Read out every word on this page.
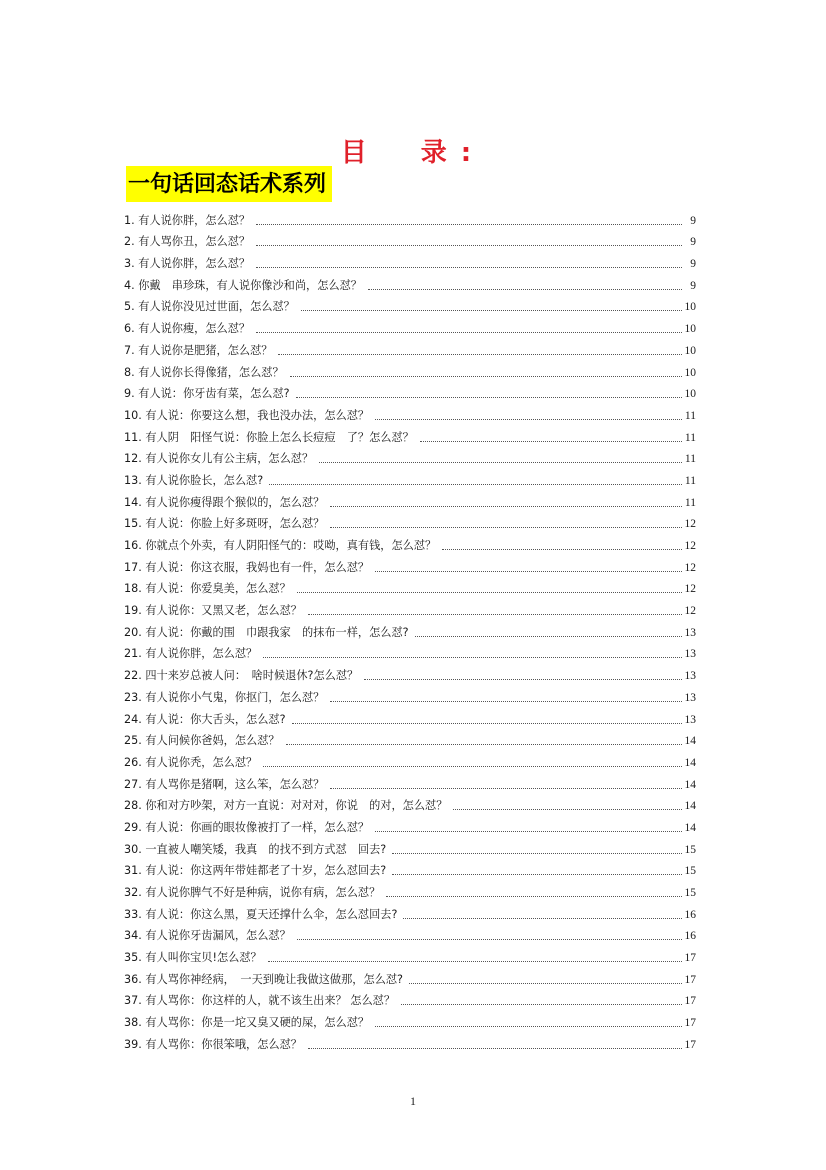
目　录:
一句话回态话术系列
1. 有人说你胖，怎么怼？	9
2. 有人骂你丑，怎么怼？	9
3. 有人说你胖，怎么怼？	9
4. 你戴　串珍珠，有人说你像沙和尚，怎么怼？	9
5. 有人说你没见过世面，怎么怼？	10
6. 有人说你瘦，怎么怼？	10
7. 有人说你是肥猪，怎么怼？	10
8. 有人说你长得像猪，怎么怼？	10
9. 有人说：你牙齿有菜，怎么怼?	10
10. 有人说：你要这么想，我也没办法，怎么怼？	11
11. 有人阴　阳怪气说：你脸上怎么长痘痘　了？怎么怼？	11
12. 有人说你女儿有公主病，怎么怼？	11
13. 有人说你脸长，怎么怼?	11
14. 有人说你瘦得跟个猴似的，怎么怼？	11
15. 有人说：你脸上好多斑呀，怎么怼？	12
16. 你就点个外卖，有人阴阳怪气的：哎呦，真有钱，怎么怼？	12
17. 有人说：你这衣服，我妈也有一件，怎么怼？	12
18. 有人说：你爱臭美，怎么怼？	12
19. 有人说你：又黑又老，怎么怼？	12
20. 有人说：你戴的围　巾跟我家　的抹布一样，怎么怼?	13
21. 有人说你胖，怎么怼？	13
22. 四十来岁总被人问：　啥时候退休?怎么怼？	13
23. 有人说你小气鬼，你抠门，怎么怼？	13
24. 有人说：你大舌头，怎么怼?	13
25. 有人问候你爸妈，怎么怼？	14
26. 有人说你秃，怎么怼？	14
27. 有人骂你是猪啊，这么笨，怎么怼？	14
28. 你和对方吵架，对方一直说：对对对，你说　的对，怎么怼？	14
29. 有人说：你画的眼妆像被打了一样，怎么怼？	14
30. 一直被人嘲笑矮，我真　的找不到方式怼　回去?	15
31. 有人说：你这两年带娃都老了十岁，怎么怼回去?	15
32. 有人说你脾气不好是种病，说你有病，怎么怼？	15
33. 有人说：你这么黑，夏天还撑什么伞，怎么怼回去?	16
34. 有人说你牙齿漏风，怎么怼？	16
35. 有人叫你宝贝!怎么怼？	17
36. 有人骂你神经病，　一天到晚让我做这做那，怎么怼?	17
37. 有人骂你：你这样的人，就不该生出来？ 怎么怼？	17
38. 有人骂你：你是一坨又臭又硬的屎，怎么怼？	17
39. 有人骂你：你很笨哦，怎么怼？	17
1
